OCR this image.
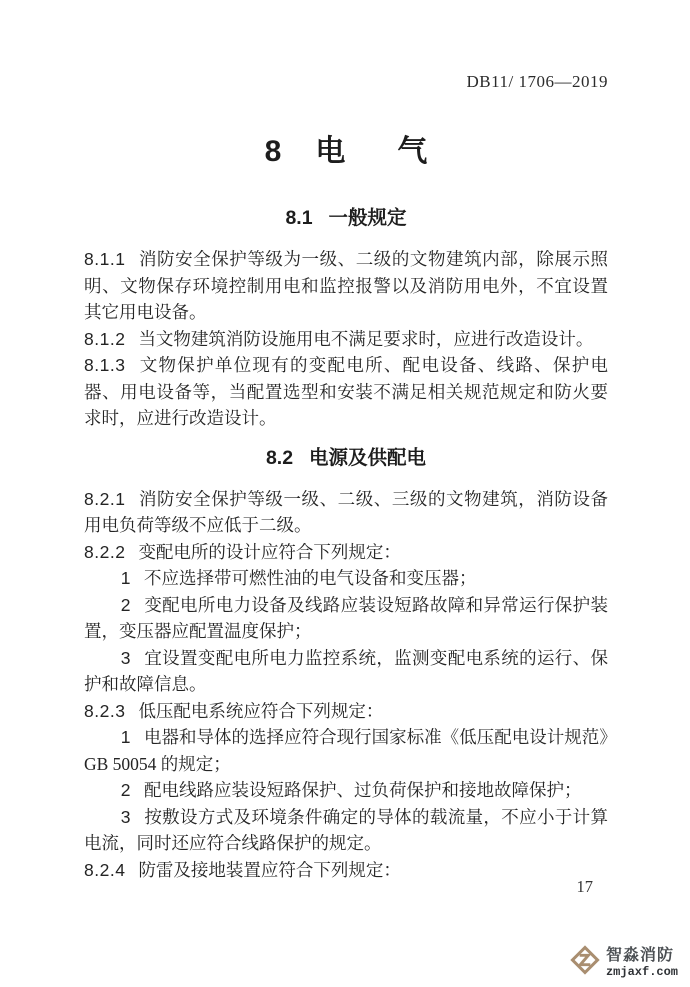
DB11/ 1706—2019
8 电 气
8.1 一般规定

8.1.1 消防安全保护等级为一级、二级的文物建筑内部，除展示照明、文物保存环境控制用电和监控报警以及消防用电外，不宜设置其它用电设备。

8.1.2 当文物建筑消防设施用电不满足要求时，应进行改造设计。

8.1.3 文物保护单位现有的变配电所、配电设备、线路、保护电器、用电设备等，当配置选型和安装不满足相关规范规定和防火要求时，应进行改造设计。

8.2 电源及供配电

8.2.1 消防安全保护等级一级、二级、三级的文物建筑，消防设备用电负荷等级不应低于二级。

8.2.2 变配电所的设计应符合下列规定：

1 不应选择带可燃性油的电气设备和变压器；

2 变配电所电力设备及线路应装设短路故障和异常运行保护装置，变压器应配置温度保护；

3 宜设置变配电所电力监控系统，监测变配电系统的运行、保护和故障信息。

8.2.3 低压配电系统应符合下列规定：

1 电器和导体的选择应符合现行国家标准《低压配电设计规范》GB 50054 的规定；

2 配电线路应装设短路保护、过负荷保护和接地故障保护；

3 按敷设方式及环境条件确定的导体的载流量，不应小于计算电流，同时还应符合线路保护的规定。

8.2.4 防雷及接地装置应符合下列规定：

17
智淼消防
zmjaxf.com
